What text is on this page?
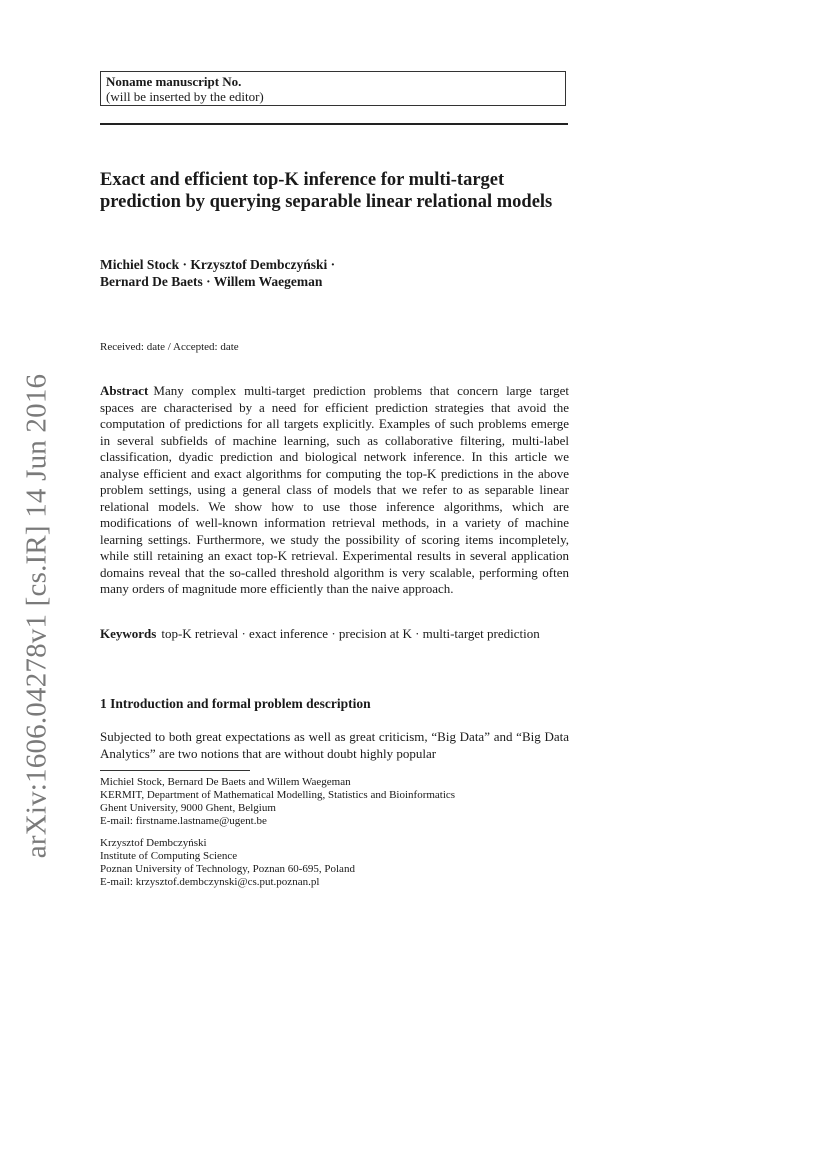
arXiv:1606.04278v1 [cs.IR] 14 Jun 2016
Noname manuscript No.
(will be inserted by the editor)
Exact and efficient top-K inference for multi-target prediction by querying separable linear relational models
Michiel Stock · Krzysztof Dembczyński ·
Bernard De Baets · Willem Waegeman

Received: date / Accepted: date

Abstract Many complex multi-target prediction problems that concern large target spaces are characterised by a need for efficient prediction strategies that avoid the computation of predictions for all targets explicitly. Examples of such problems emerge in several subfields of machine learning, such as collaborative filtering, multi-label classification, dyadic prediction and biological network inference. In this article we analyse efficient and exact algorithms for computing the top-K predictions in the above problem settings, using a general class of models that we refer to as separable linear relational models. We show how to use those inference algorithms, which are modifications of well-known information retrieval methods, in a variety of machine learning settings. Furthermore, we study the possibility of scoring items incompletely, while still retaining an exact top-K retrieval. Experimental results in several application domains reveal that the so-called threshold algorithm is very scalable, performing often many orders of magnitude more efficiently than the naive approach.

Keywords top-K retrieval · exact inference · precision at K · multi-target prediction

1 Introduction and formal problem description

Subjected to both great expectations as well as great criticism, “Big Data” and “Big Data Analytics” are two notions that are without doubt highly popular

Michiel Stock, Bernard De Baets and Willem Waegeman
KERMIT, Department of Mathematical Modelling, Statistics and Bioinformatics
Ghent University, 9000 Ghent, Belgium
E-mail: firstname.lastname@ugent.be
Krzysztof Dembczyński
Institute of Computing Science
Poznan University of Technology, Poznan 60-695, Poland
E-mail: krzysztof.dembczynski@cs.put.poznan.pl
